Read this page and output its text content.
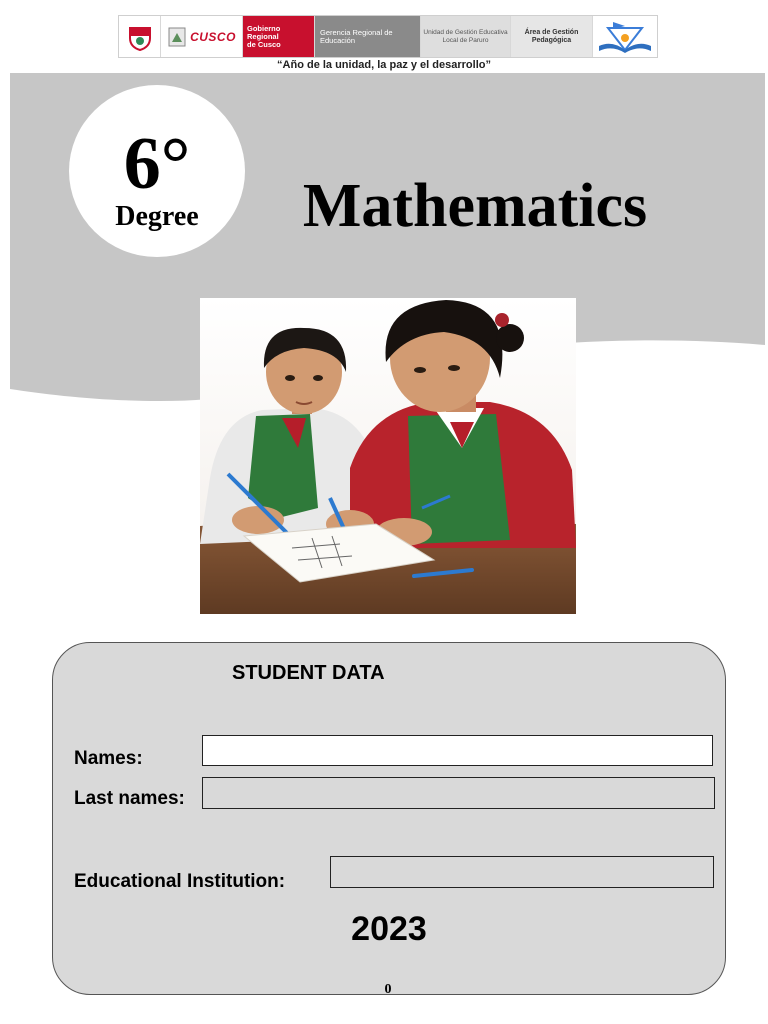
CUSCO
Gobierno
Regional
de Cusco
Gerencia Regional de
Educación
Unidad de Gestión Educativa
Local de Paruro
Área de Gestión
Pedagógica
“Año de la unidad, la paz y el desarrollo”
6°
Degree	Mathematics
STUDENT DATA
Names:
Last names:
Educational Institution:
2023
0
